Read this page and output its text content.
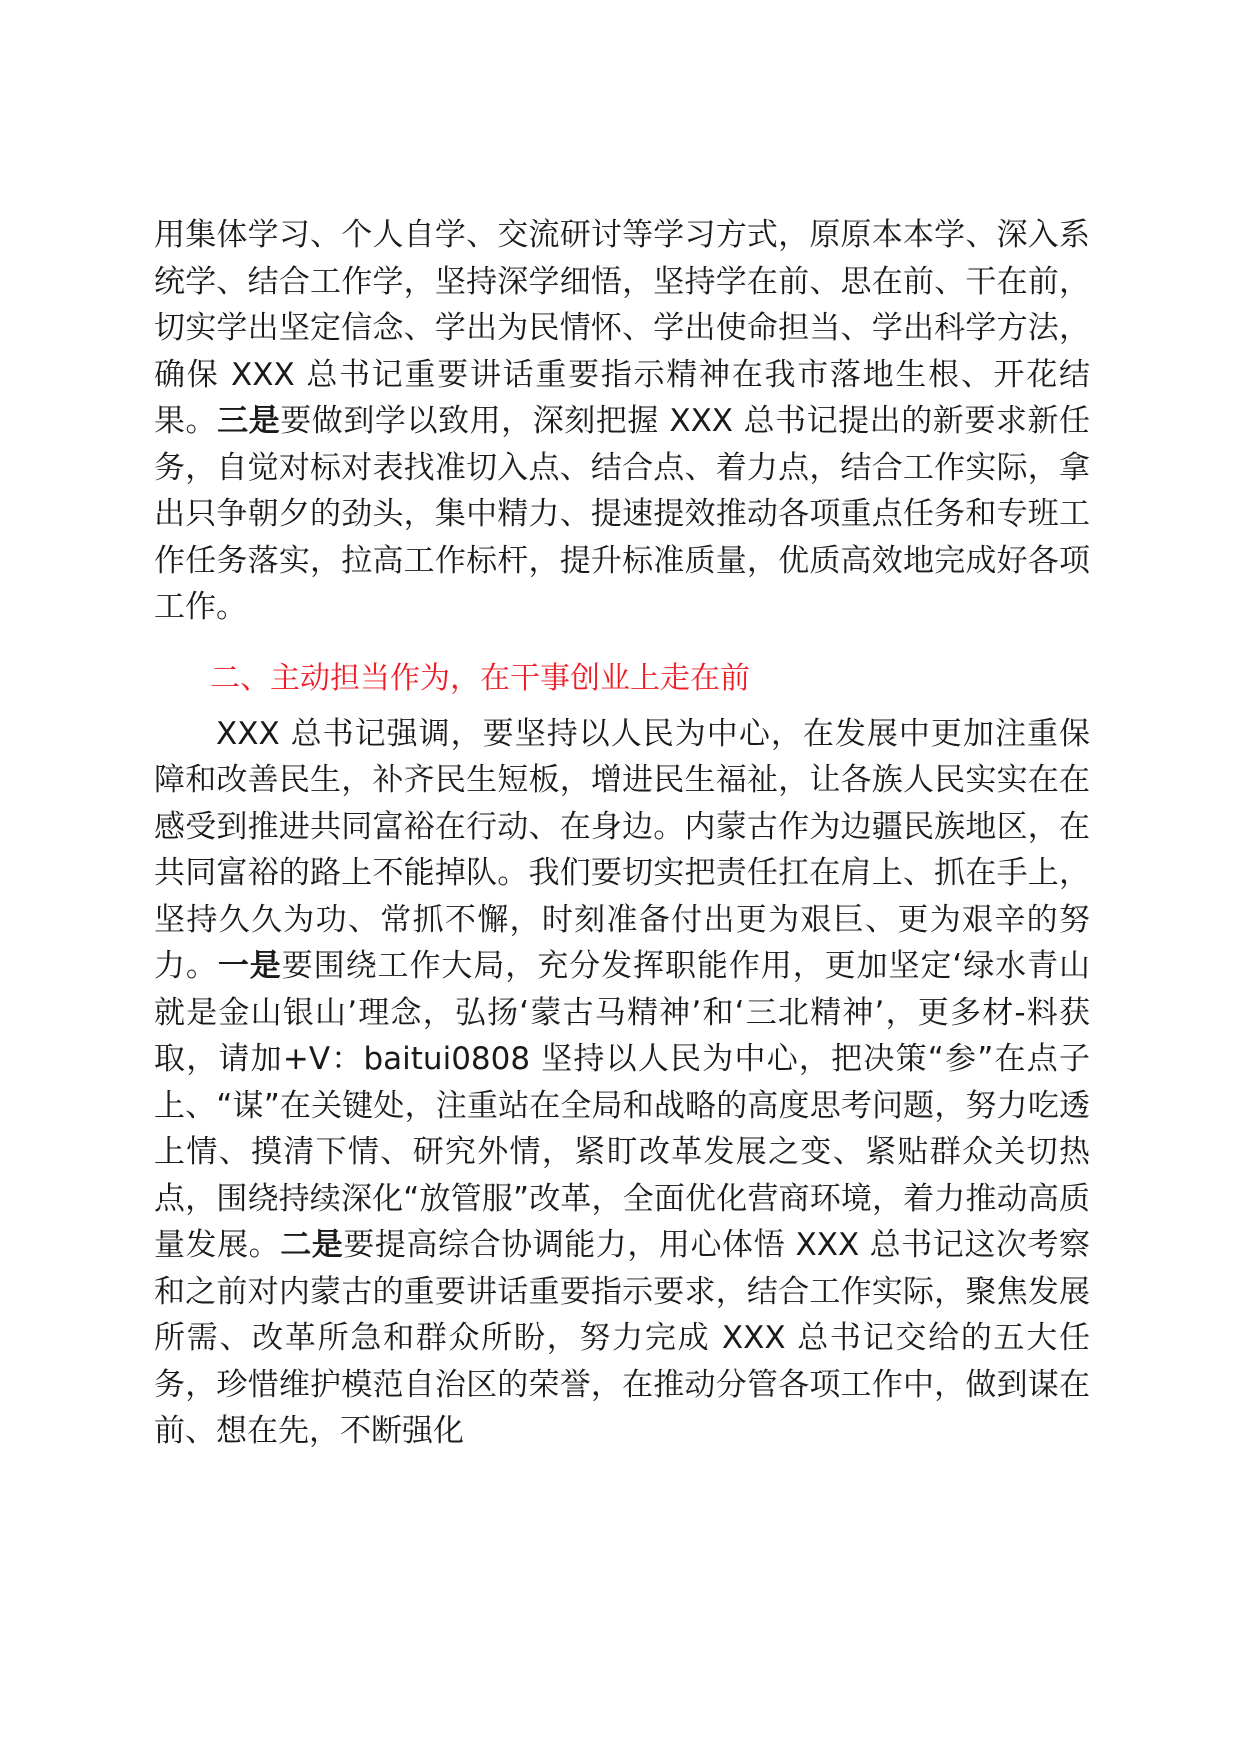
用集体学习、个人自学、交流研讨等学习方式，原原本本学、深入系统学、结合工作学，坚持深学细悟，坚持学在前、思在前、干在前，切实学出坚定信念、学出为民情怀、学出使命担当、学出科学方法，确保 XXX 总书记重要讲话重要指示精神在我市落地生根、开花结果。三是要做到学以致用，深刻把握 XXX 总书记提出的新要求新任务，自觉对标对表找准切入点、结合点、着力点，结合工作实际，拿出只争朝夕的劲头，集中精力、提速提效推动各项重点任务和专班工作任务落实，拉高工作标杆，提升标准质量，优质高效地完成好各项工作。

二、主动担当作为，在干事创业上走在前

XXX 总书记强调，要坚持以人民为中心，在发展中更加注重保障和改善民生，补齐民生短板，增进民生福祉，让各族人民实实在在感受到推进共同富裕在行动、在身边。内蒙古作为边疆民族地区，在共同富裕的路上不能掉队。我们要切实把责任扛在肩上、抓在手上，坚持久久为功、常抓不懈，时刻准备付出更为艰巨、更为艰辛的努力。一是要围绕工作大局，充分发挥职能作用，更加坚定‘绿水青山就是金山银山’理念，弘扬‘蒙古马精神’和‘三北精神’，更多材-料获取，请加+V：baitui0808 坚持以人民为中心，把决策“参”在点子上、“谋”在关键处，注重站在全局和战略的高度思考问题，努力吃透上情、摸清下情、研究外情，紧盯改革发展之变、紧贴群众关切热点，围绕持续深化“放管服”改革，全面优化营商环境，着力推动高质量发展。二是要提高综合协调能力，用心体悟 XXX 总书记这次考察和之前对内蒙古的重要讲话重要指示要求，结合工作实际，聚焦发展所需、改革所急和群众所盼，努力完成 XXX 总书记交给的五大任务，珍惜维护模范自治区的荣誉，在推动分管各项工作中，做到谋在前、想在先，不断强化
